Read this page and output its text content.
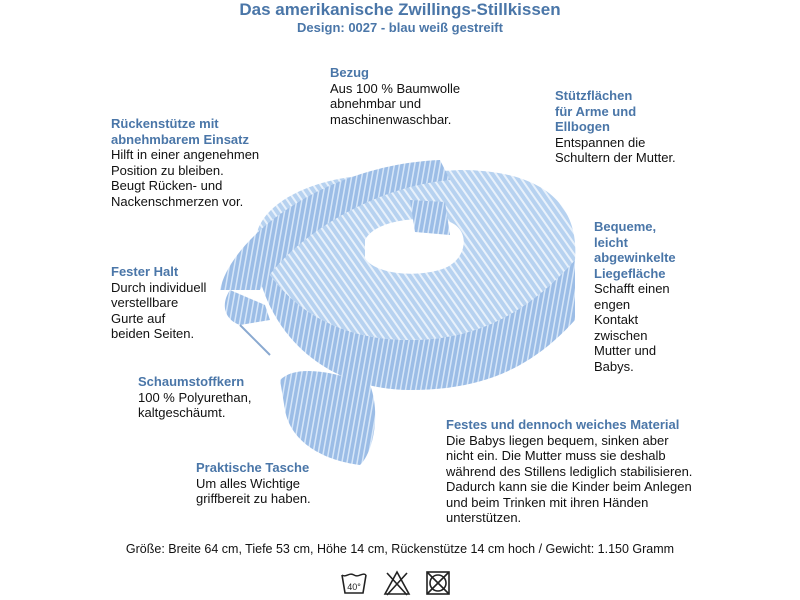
Das amerikanische Zwillings-Stillkissen
Design: 0027 - blau weiß gestreift
Bezug
Aus 100 % Baumwolle
abnehmbar und
maschinenwaschbar.
Rückenstütze mit
abnehmbarem Einsatz
Hilft in einer angenehmen
Position zu bleiben.
Beugt Rücken- und
Nackenschmerzen vor.
Stützflächen
für Arme und
Ellbogen
Entspannen die
Schultern der Mutter.
Fester Halt
Durch individuell
verstellbare
Gurte auf
beiden Seiten.
Bequeme,
leicht
abgewinkelte
Liegefläche
Schafft einen
engen
Kontakt
zwischen
Mutter und
Babys.
Schaumstoffkern
100 % Polyurethan,
kaltgeschäumt.
Praktische Tasche
Um alles Wichtige
griffbereit zu haben.
Festes und dennoch weiches Material
Die Babys liegen bequem, sinken aber
nicht ein. Die Mutter muss sie deshalb
während des Stillens lediglich stabilisieren.
Dadurch kann sie die Kinder beim Anlegen
und beim Trinken mit ihren Händen
unterstützen.
Größe: Breite 64 cm, Tiefe 53 cm, Höhe 14 cm, Rückenstütze 14 cm hoch / Gewicht: 1.150 Gramm
40°
